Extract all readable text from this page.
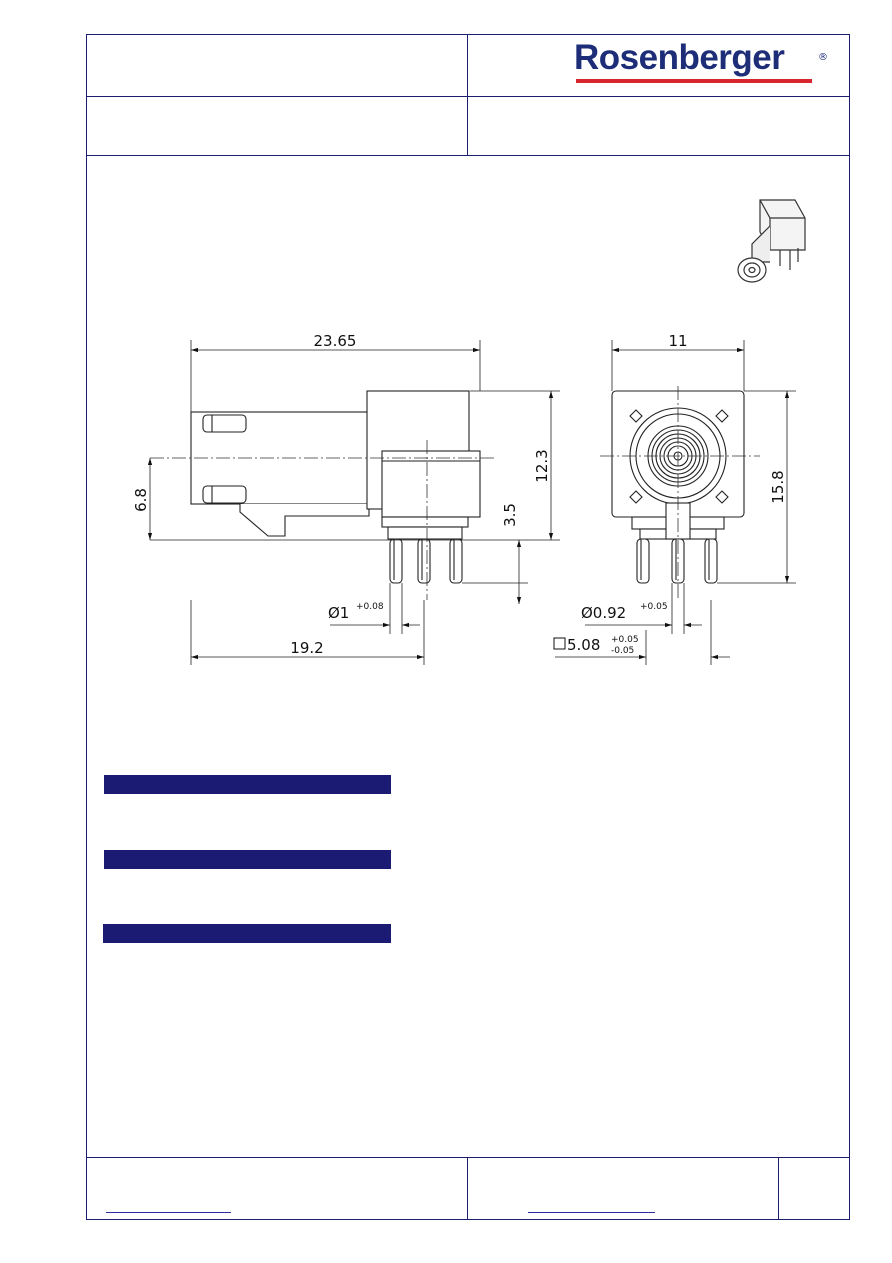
Rosenberger	®
23.65
6.8
12.3
3.5
Ø1 +0.08
19.2
11
15.8
Ø0.92 +0.05
5.08 +0.05
-0.05
